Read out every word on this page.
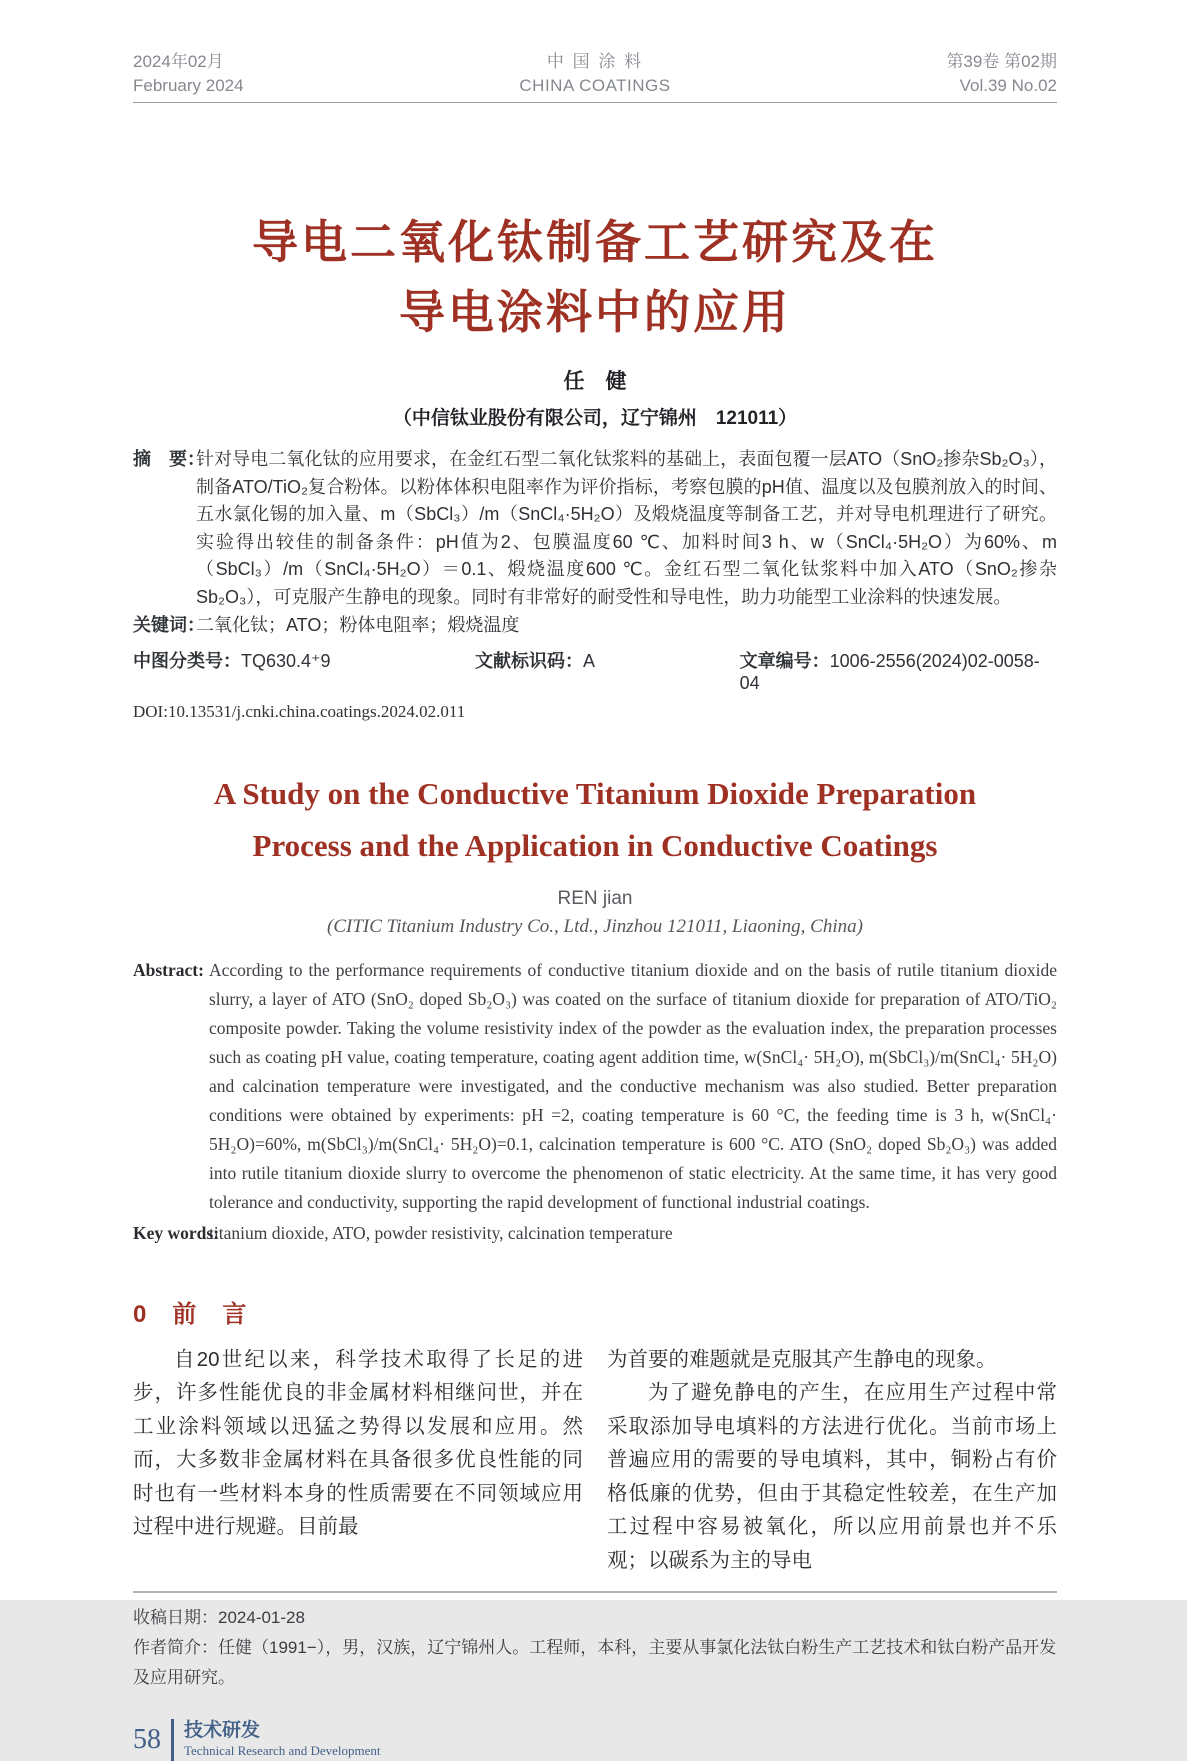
2024年02月
February 2024
中 国 涂 料
CHINA COATINGS
第39卷 第02期
Vol.39 No.02
导电二氧化钛制备工艺研究及在
导电涂料中的应用
任　健
（中信钛业股份有限公司，辽宁锦州　121011）
摘　要：
针对导电二氧化钛的应用要求，在金红石型二氧化钛浆料的基础上，表面包覆一层ATO（SnO₂掺杂Sb₂O₃），制备ATO/TiO₂复合粉体。以粉体体积电阻率作为评价指标，考察包膜的pH值、温度以及包膜剂放入的时间、五水氯化锡的加入量、m（SbCl₃）/m（SnCl₄·5H₂O）及煅烧温度等制备工艺，并对导电机理进行了研究。实验得出较佳的制备条件：pH值为2、包膜温度60 ℃、加料时间3 h、w（SnCl₄·5H₂O）为60%、m（SbCl₃）/m（SnCl₄·5H₂O）＝0.1、煅烧温度600 ℃。金红石型二氧化钛浆料中加入ATO（SnO₂掺杂Sb₂O₃），可克服产生静电的现象。同时有非常好的耐受性和导电性，助力功能型工业涂料的快速发展。
关键词：
二氧化钛；ATO；粉体电阻率；煅烧温度
中图分类号：TQ630.4⁺9	文献标识码：A	文章编号：1006-2556(2024)02-0058-04
DOI:10.13531/j.cnki.china.coatings.2024.02.011
A Study on the Conductive Titanium Dioxide Preparation
Process and the Application in Conductive Coatings
REN jian
(CITIC Titanium Industry Co., Ltd., Jinzhou 121011, Liaoning, China)
Abstract: According to the performance requirements of conductive titanium dioxide and on the basis of rutile titanium dioxide slurry, a layer of ATO (SnO₂ doped Sb₂O₃) was coated on the surface of titanium dioxide for preparation of ATO/TiO₂ composite powder. Taking the volume resistivity index of the powder as the evaluation index, the preparation processes such as coating pH value, coating temperature, coating agent addition time, w(SnCl₄· 5H₂O), m(SbCl₃)/m(SnCl₄· 5H₂O) and calcination temperature were investigated, and the conductive mechanism was also studied. Better preparation conditions were obtained by experiments: pH =2, coating temperature is 60 °C, the feeding time is 3 h, w(SnCl₄· 5H₂O)=60%, m(SbCl₃)/m(SnCl₄· 5H₂O)=0.1, calcination temperature is 600 °C. ATO (SnO₂ doped Sb₂O₃) was added into rutile titanium dioxide slurry to overcome the phenomenon of static electricity. At the same time, it has very good tolerance and conductivity, supporting the rapid development of functional industrial coatings.
Key words:
titanium dioxide, ATO, powder resistivity, calcination temperature
0　前　言

自20世纪以来，科学技术取得了长足的进步，许多性能优良的非金属材料相继问世，并在工业涂料领域以迅猛之势得以发展和应用。然而，大多数非金属材料在具备很多优良性能的同时也有一些材料本身的性质需要在不同领域应用过程中进行规避。目前最

为首要的难题就是克服其产生静电的现象。

为了避免静电的产生，在应用生产过程中常采取添加导电填料的方法进行优化。当前市场上普遍应用的需要的导电填料，其中，铜粉占有价格低廉的优势，但由于其稳定性较差，在生产加工过程中容易被氧化，所以应用前景也并不乐观；以碳系为主的导电

收稿日期：2024-01-28
作者简介：任健（1991−），男，汉族，辽宁锦州人。工程师，本科，主要从事氯化法钛白粉生产工艺技术和钛白粉产品开发及应用研究。
58	技术研发
Technical Research and Development
